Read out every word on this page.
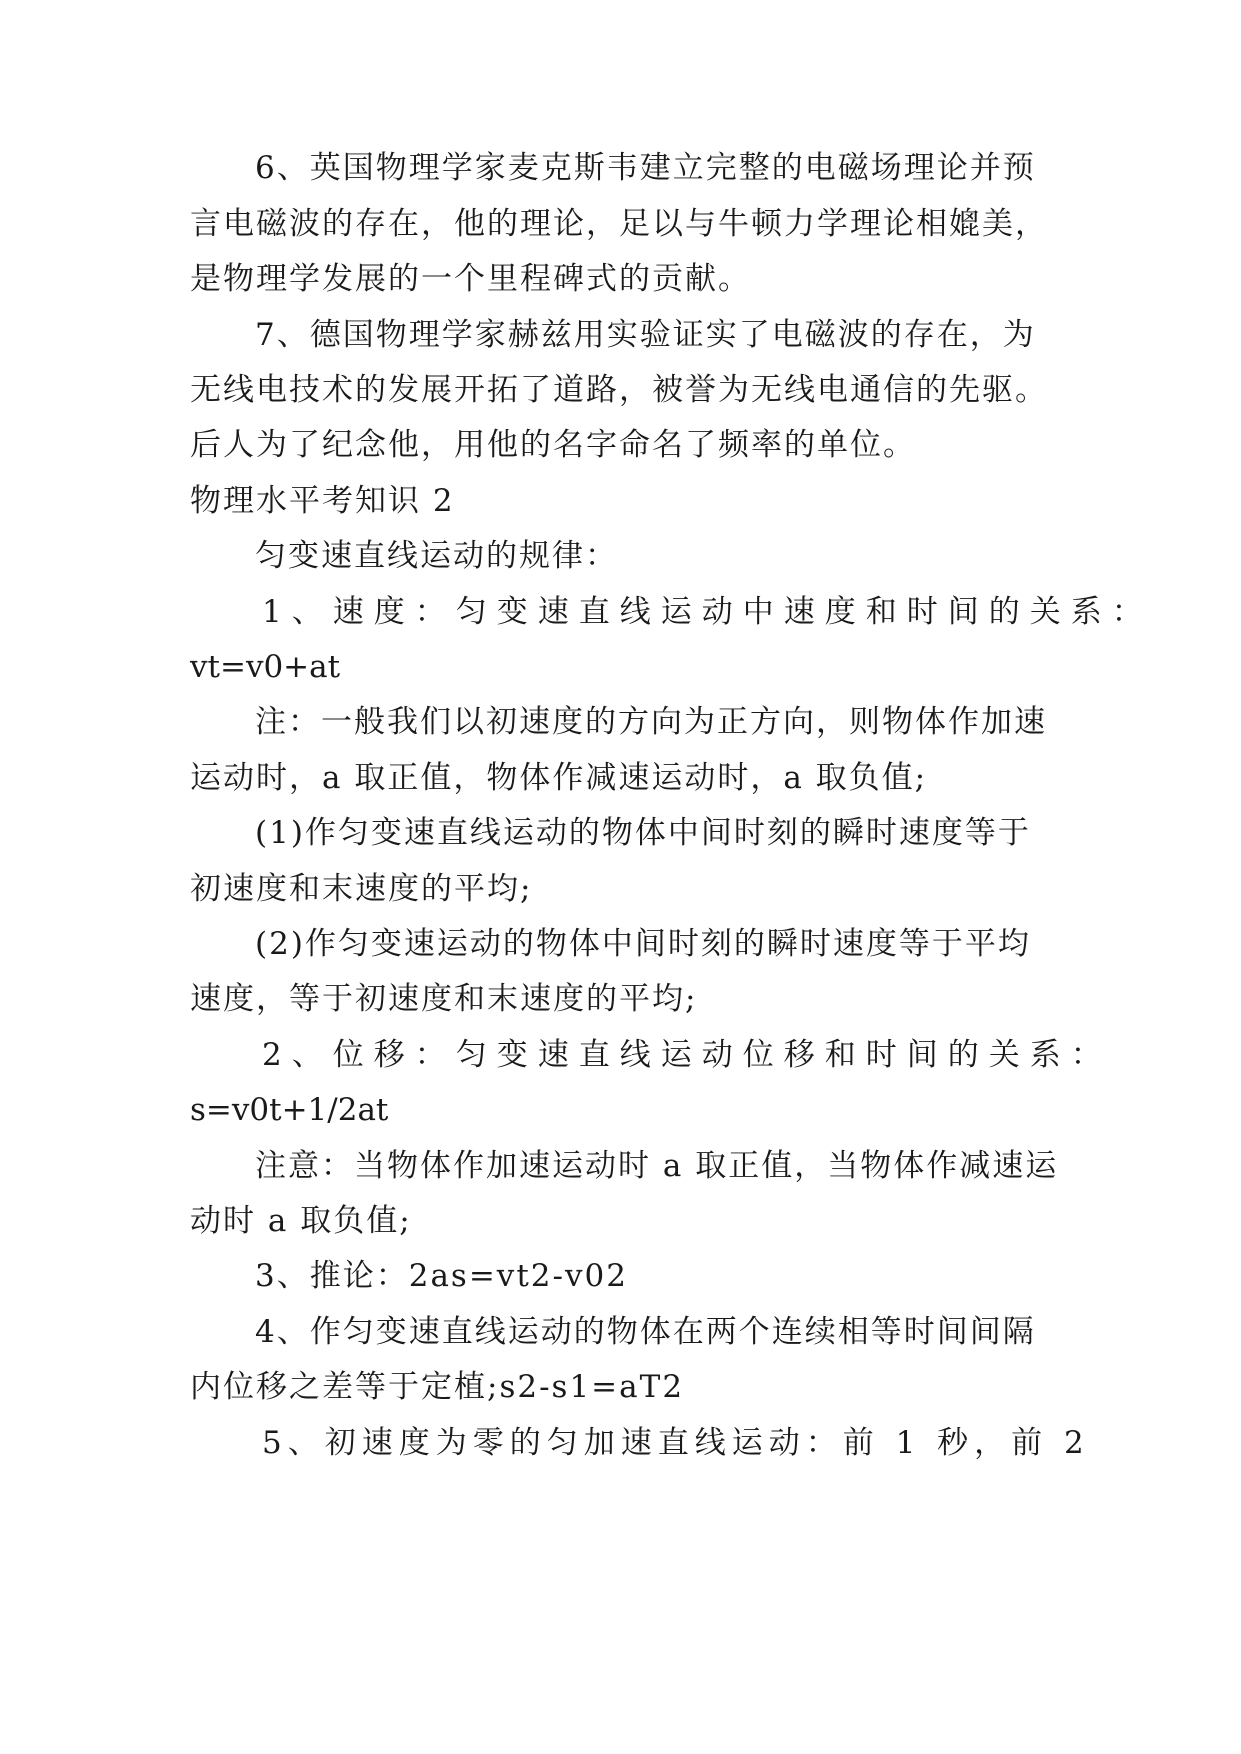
6、英国物理学家麦克斯韦建立完整的电磁场理论并预
言电磁波的存在，他的理论，足以与牛顿力学理论相媲美，
是物理学发展的一个里程碑式的贡献。
7、德国物理学家赫兹用实验证实了电磁波的存在，为
无线电技术的发展开拓了道路，被誉为无线电通信的先驱。
后人为了纪念他，用他的名字命名了频率的单位。
物理水平考知识 2
匀变速直线运动的规律：
1、速度：匀变速直线运动中速度和时间的关系：
vt=v0+at
注：一般我们以初速度的方向为正方向，则物体作加速
运动时，a 取正值，物体作减速运动时，a 取负值;
(1)作匀变速直线运动的物体中间时刻的瞬时速度等于
初速度和末速度的平均;
(2)作匀变速运动的物体中间时刻的瞬时速度等于平均
速度，等于初速度和末速度的平均;
2、位移：匀变速直线运动位移和时间的关系：
s=v0t+1/2at
注意：当物体作加速运动时 a 取正值，当物体作减速运
动时 a 取负值;
3、推论：2as=vt2-v02
4、作匀变速直线运动的物体在两个连续相等时间间隔
内位移之差等于定植;s2-s1=aT2
5、初速度为零的匀加速直线运动：前 1 秒，前 2
